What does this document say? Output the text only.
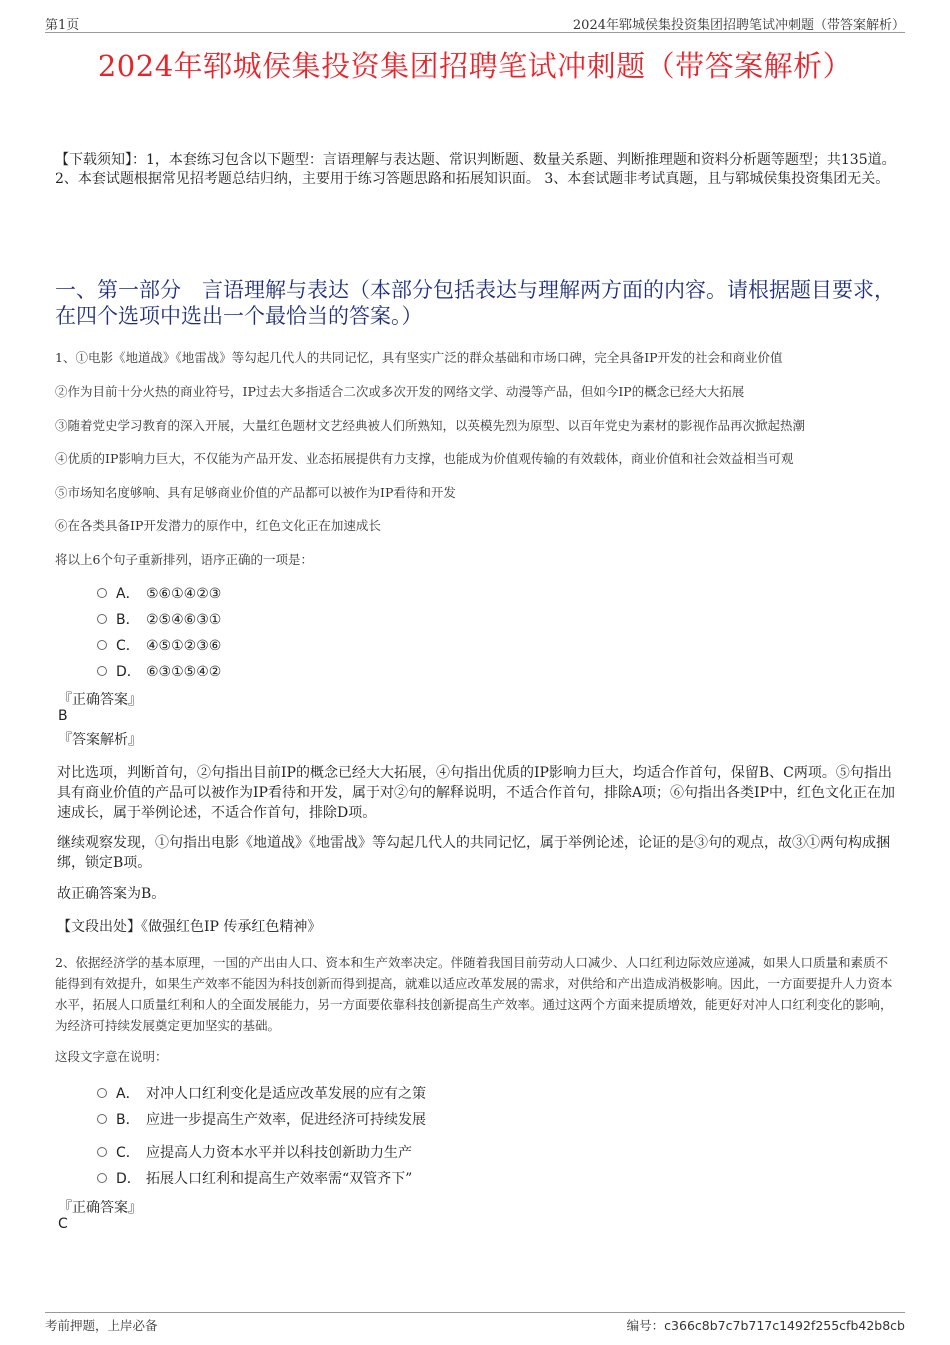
第1页	2024年郓城侯集投资集团招聘笔试冲刺题（带答案解析）
2024年郓城侯集投资集团招聘笔试冲刺题（带答案解析）
【下载须知】：1，本套练习包含以下题型：言语理解与表达题、常识判断题、数量关系题、判断推理题和资料分析题等题型；共135道。 2、本套试题根据常见招考题总结归纳，主要用于练习答题思路和拓展知识面。 3、本套试题非考试真题，且与郓城侯集投资集团无关。
一、第一部分　言语理解与表达（本部分包括表达与理解两方面的内容。请根据题目要求，在四个选项中选出一个最恰当的答案。）
1、①电影《地道战》《地雷战》等勾起几代人的共同记忆，具有坚实广泛的群众基础和市场口碑，完全具备IP开发的社会和商业价值
②作为目前十分火热的商业符号，IP过去大多指适合二次或多次开发的网络文学、动漫等产品，但如今IP的概念已经大大拓展
③随着党史学习教育的深入开展，大量红色题材文艺经典被人们所熟知，以英模先烈为原型、以百年党史为素材的影视作品再次掀起热潮
④优质的IP影响力巨大，不仅能为产品开发、业态拓展提供有力支撑，也能成为价值观传输的有效载体，商业价值和社会效益相当可观
⑤市场知名度够响、具有足够商业价值的产品都可以被作为IP看待和开发
⑥在各类具备IP开发潜力的原作中，红色文化正在加速成长
将以上6个句子重新排列，语序正确的一项是：
A． ⑤⑥①④②③
B． ②⑤④⑥③①
C． ④⑤①②③⑥
D． ⑥③①⑤④②
『正确答案』
B
『答案解析』
对比选项，判断首句，②句指出目前IP的概念已经大大拓展，④句指出优质的IP影响力巨大，均适合作首句，保留B、C两项。⑤句指出具有商业价值的产品可以被作为IP看待和开发，属于对②句的解释说明，不适合作首句，排除A项；⑥句指出各类IP中，红色文化正在加速成长，属于举例论述，不适合作首句，排除D项。
继续观察发现，①句指出电影《地道战》《地雷战》等勾起几代人的共同记忆，属于举例论述，论证的是③句的观点，故③①两句构成捆绑，锁定B项。
故正确答案为B。
【文段出处】《做强红色IP 传承红色精神》
2、依据经济学的基本原理，一国的产出由人口、资本和生产效率决定。伴随着我国目前劳动人口减少、人口红利边际效应递减，如果人口质量和素质不能得到有效提升，如果生产效率不能因为科技创新而得到提高，就难以适应改革发展的需求，对供给和产出造成消极影响。因此，一方面要提升人力资本水平，拓展人口质量红利和人的全面发展能力，另一方面要依靠科技创新提高生产效率。通过这两个方面来提质增效，能更好对冲人口红利变化的影响，为经济可持续发展奠定更加坚实的基础。
这段文字意在说明：
A． 对冲人口红利变化是适应改革发展的应有之策
B． 应进一步提高生产效率，促进经济可持续发展
C． 应提高人力资本水平并以科技创新助力生产
D． 拓展人口红利和提高生产效率需“双管齐下”
『正确答案』
C
考前押题，上岸必备	编号：c366c8b7c7b717c1492f255cfb42b8cb
